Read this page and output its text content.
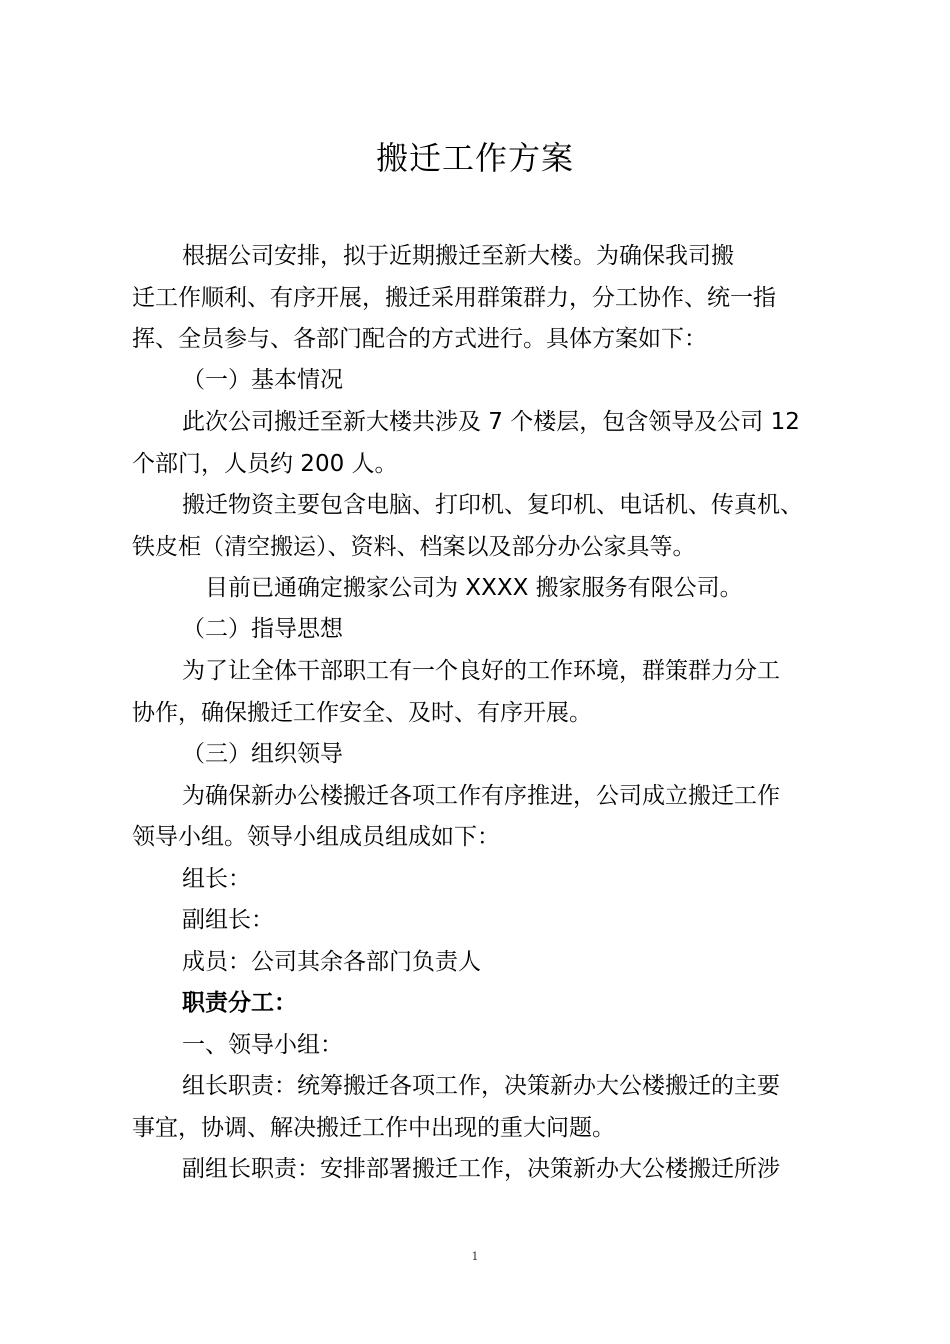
搬迁工作方案
根据公司安排，拟于近期搬迁至新大楼。为确保我司搬
迁工作顺利、有序开展，搬迁采用群策群力，分工协作、统一指
挥、全员参与、各部门配合的方式进行。具体方案如下：
（一）基本情况
此次公司搬迁至新大楼共涉及 7 个楼层，包含领导及公司 12
个部门，人员约 200 人。
搬迁物资主要包含电脑、打印机、复印机、电话机、传真机、
铁皮柜（清空搬运）、资料、档案以及部分办公家具等。
目前已通确定搬家公司为 XXXX 搬家服务有限公司。
（二）指导思想
为了让全体干部职工有一个良好的工作环境，群策群力分工
协作，确保搬迁工作安全、及时、有序开展。
（三）组织领导
为确保新办公楼搬迁各项工作有序推进，公司成立搬迁工作
领导小组。领导小组成员组成如下：
组长：
副组长：
成员：公司其余各部门负责人
职责分工：
一、领导小组：
组长职责：统筹搬迁各项工作，决策新办大公楼搬迁的主要
事宜，协调、解决搬迁工作中出现的重大问题。
副组长职责：安排部署搬迁工作，决策新办大公楼搬迁所涉
1
